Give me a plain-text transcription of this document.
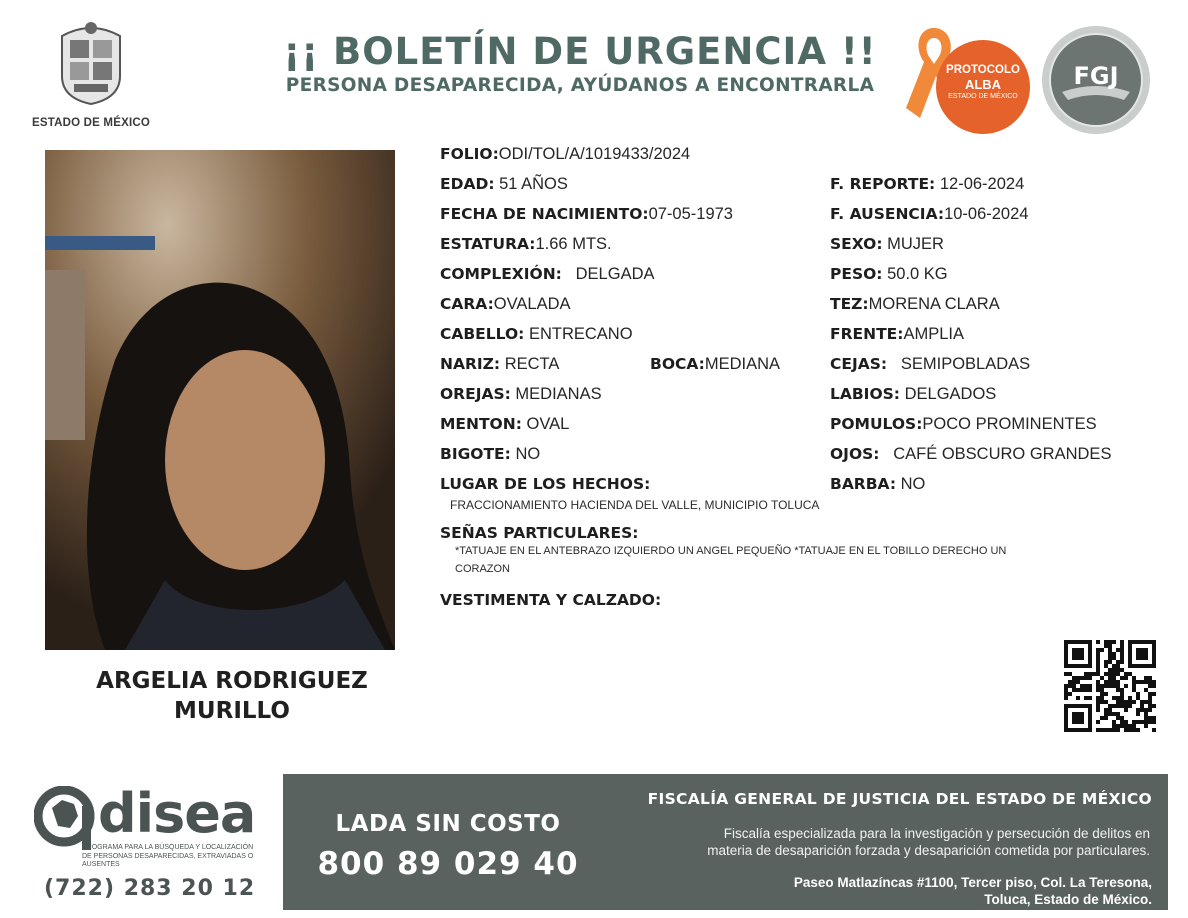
ESTADO DE MÉXICO
¡¡ BOLETÍN DE URGENCIA !!
PERSONA DESAPARECIDA, AYÚDANOS A ENCONTRARLA
PROTOCOLO
ALBA
ESTADO DE MÉXICO
FGJ
ARGELIA RODRIGUEZ
MURILLO
FOLIO:ODI/TOL/A/1019433/2024
EDAD: 51 AÑOS	F. REPORTE: 12-06-2024
FECHA DE NACIMIENTO:07-05-1973	F. AUSENCIA:10-06-2024
ESTATURA:1.66 MTS.	SEXO: MUJER
COMPLEXIÓN: DELGADA	PESO: 50.0 KG
CARA:OVALADA	TEZ:MORENA CLARA
CABELLO: ENTRECANO	FRENTE:AMPLIA
NARIZ: RECTA	BOCA:MEDIANA	CEJAS: SEMIPOBLADAS
OREJAS: MEDIANAS	LABIOS: DELGADOS
MENTON: OVAL	POMULOS:POCO PROMINENTES
BIGOTE: NO	OJOS: CAFÉ OBSCURO GRANDES
LUGAR DE LOS HECHOS:	BARBA: NO
FRACCIONAMIENTO HACIENDA DEL VALLE, MUNICIPIO TOLUCA
SEÑAS PARTICULARES:
*TATUAJE EN EL ANTEBRAZO IZQUIERDO UN ANGEL PEQUEÑO *TATUAJE EN EL TOBILLO DERECHO UN
CORAZON
VESTIMENTA Y CALZADO:
disea
PROGRAMA PARA LA BÚSQUEDA Y LOCALIZACIÓN
DE PERSONAS DESAPARECIDAS, EXTRAVIADAS O
AUSENTES
(722) 283 20 12
LADA SIN COSTO
800 89 029 40
FISCALÍA GENERAL DE JUSTICIA DEL ESTADO DE MÉXICO
Fiscalía especializada para la investigación y persecución de delitos en
materia de desaparición forzada y desaparición cometida por particulares.
Paseo Matlazíncas #1100, Tercer piso, Col. La Teresona,
Toluca, Estado de México.
